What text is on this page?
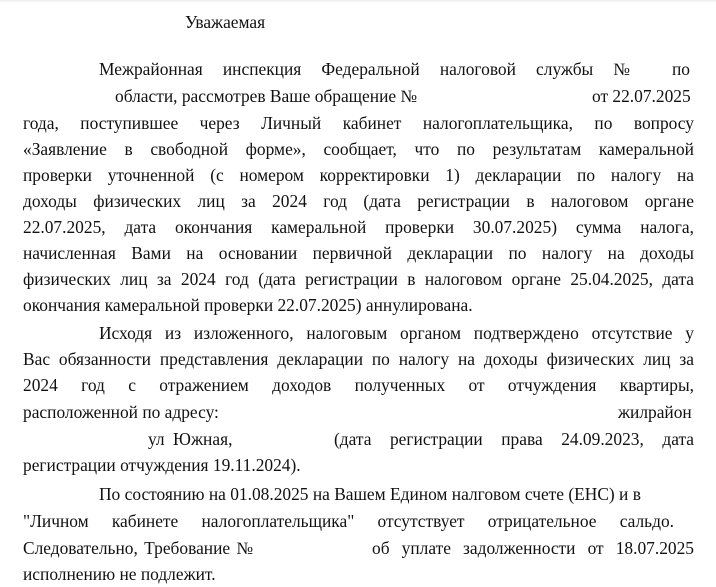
Уважаемая
Межрайонная инспекция Федеральной налоговой службы № по
области, рассмотрев Ваше обращение №	от 22.07.2025
года, поступившее через Личный кабинет налогоплательщика, по вопросу
«Заявление в свободной форме», сообщает, что по результатам камеральной
проверки уточненной (с номером корректировки 1) декларации по налогу на
доходы физических лиц за 2024 год (дата регистрации в налоговом органе
22.07.2025, дата окончания камеральной проверки 30.07.2025) сумма налога,
начисленная Вами на основании первичной декларации по налогу на доходы
физических лиц за 2024 год (дата регистрации в налоговом органе 25.04.2025, дата
окончания камеральной проверки 22.07.2025) аннулирована.
Исходя из изложенного, налоговым органом подтверждено отсутствие у
Вас обязанности представления декларации по налогу на доходы физических лиц за
2024 год с отражением доходов полученных от отчуждения квартиры,
расположенной по адресу:	жилрайон
ул Южная,	(дата регистрации права 24.09.2023, дата
регистрации отчуждения 19.11.2024).
По состоянию на 01.08.2025 на Вашем Едином налговом счете (ЕНС) и в
"Личном кабинете налогоплательщика" отсутствует отрицательное сальдо.
Следовательно, Требование №	об уплате задолженности от 18.07.2025
исполнению не подлежит.
